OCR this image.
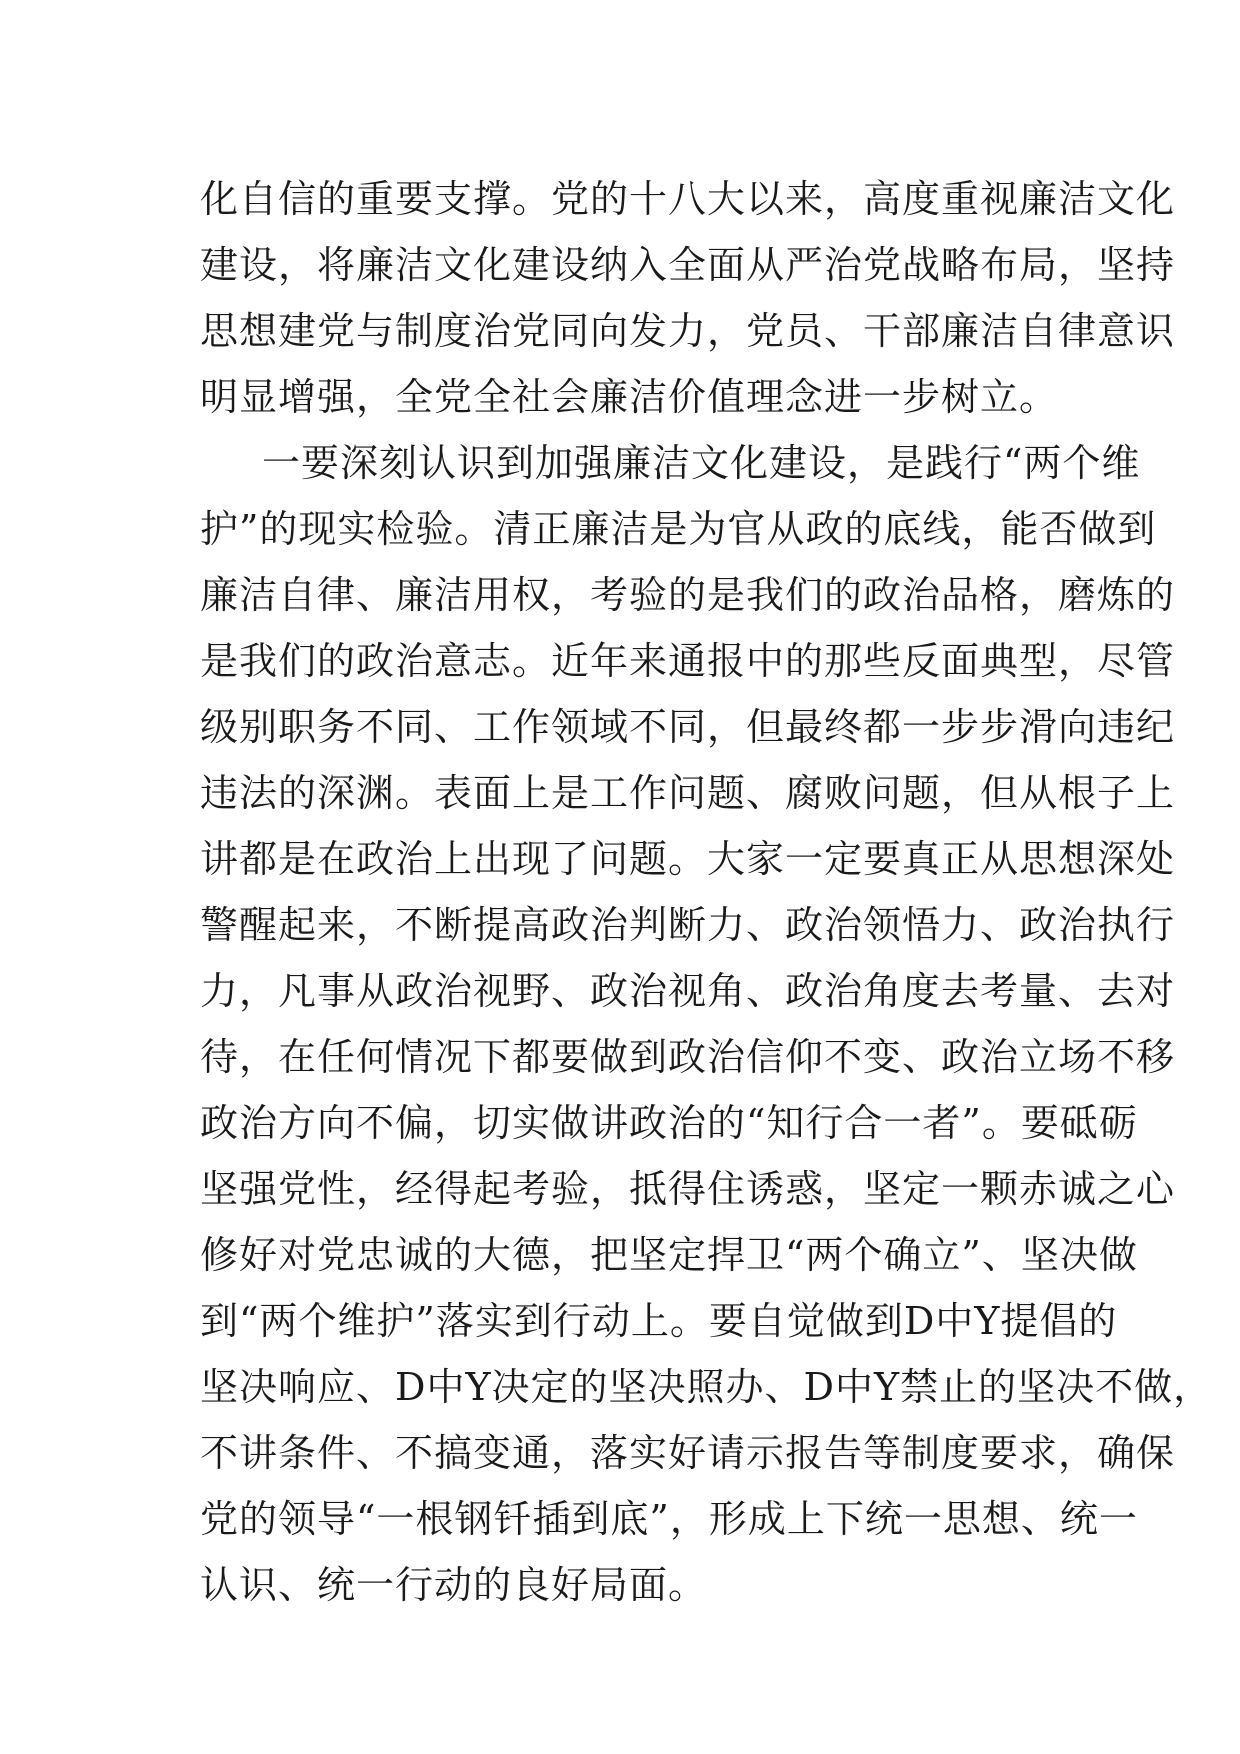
化自信的重要支撑。党的十八大以来，高度重视廉洁文化
建设，将廉洁文化建设纳入全面从严治党战略布局，坚持
思想建党与制度治党同向发力，党员、干部廉洁自律意识
明显增强，全党全社会廉洁价值理念进一步树立。
一要深刻认识到加强廉洁文化建设，是践行“两个维
护”的现实检验。清正廉洁是为官从政的底线，能否做到
廉洁自律、廉洁用权，考验的是我们的政治品格，磨炼的
是我们的政治意志。近年来通报中的那些反面典型，尽管
级别职务不同、工作领域不同，但最终都一步步滑向违纪
违法的深渊。表面上是工作问题、腐败问题，但从根子上
讲都是在政治上出现了问题。大家一定要真正从思想深处
警醒起来，不断提高政治判断力、政治领悟力、政治执行
力，凡事从政治视野、政治视角、政治角度去考量、去对
待，在任何情况下都要做到政治信仰不变、政治立场不移
政治方向不偏，切实做讲政治的“知行合一者”。要砥砺
坚强党性，经得起考验，抵得住诱惑，坚定一颗赤诚之心
修好对党忠诚的大德，把坚定捍卫“两个确立”、坚决做
到“两个维护”落实到行动上。要自觉做到D中Y提倡的
坚决响应、D中Y决定的坚决照办、D中Y禁止的坚决不做，
不讲条件、不搞变通，落实好请示报告等制度要求，确保
党的领导“一根钢钎插到底”，形成上下统一思想、统一
认识、统一行动的良好局面。
